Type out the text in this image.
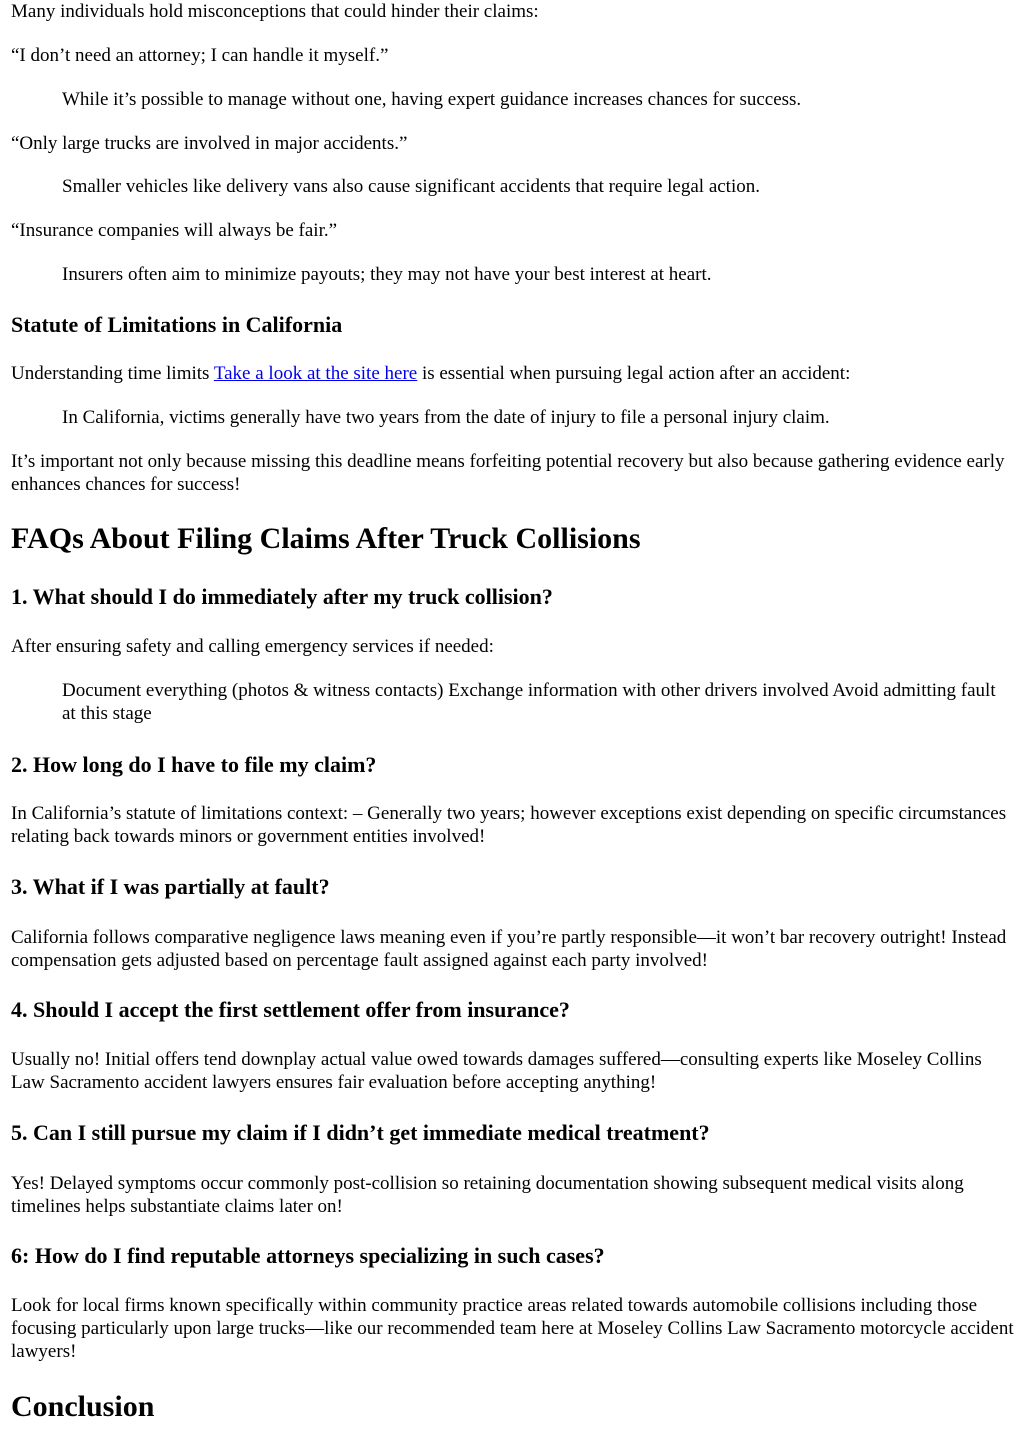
Many individuals hold misconceptions that could hinder their claims:

“I don’t need an attorney; I can handle it myself.”

While it’s possible to manage without one, having expert guidance increases chances for success.

“Only large trucks are involved in major accidents.”

Smaller vehicles like delivery vans also cause significant accidents that require legal action.

“Insurance companies will always be fair.”

Insurers often aim to minimize payouts; they may not have your best interest at heart.
Statute of Limitations in California

Understanding time limits Take a look at the site here is essential when pursuing legal action after an accident:

In California, victims generally have two years from the date of injury to file a personal injury claim.

It’s important not only because missing this deadline means forfeiting potential recovery but also because gathering evidence early enhances chances for success!

FAQs About Filing Claims After Truck Collisions
1. What should I do immediately after my truck collision?

After ensuring safety and calling emergency services if needed:

Document everything (photos & witness contacts) Exchange information with other drivers involved Avoid admitting fault at this stage
2. How long do I have to file my claim?

In California’s statute of limitations context: – Generally two years; however exceptions exist depending on specific circumstances relating back towards minors or government entities involved!

3. What if I was partially at fault?

California follows comparative negligence laws meaning even if you’re partly responsible—it won’t bar recovery outright! Instead compensation gets adjusted based on percentage fault assigned against each party involved!

4. Should I accept the first settlement offer from insurance?

Usually no! Initial offers tend downplay actual value owed towards damages suffered—consulting experts like Moseley Collins Law Sacramento accident lawyers ensures fair evaluation before accepting anything!

5. Can I still pursue my claim if I didn’t get immediate medical treatment?

Yes! Delayed symptoms occur commonly post-collision so retaining documentation showing subsequent medical visits along timelines helps substantiate claims later on!

6: How do I find reputable attorneys specializing in such cases?

Look for local firms known specifically within community practice areas related towards automobile collisions including those focusing particularly upon large trucks—like our recommended team here at Moseley Collins Law Sacramento motorcycle accident lawyers!

Conclusion
